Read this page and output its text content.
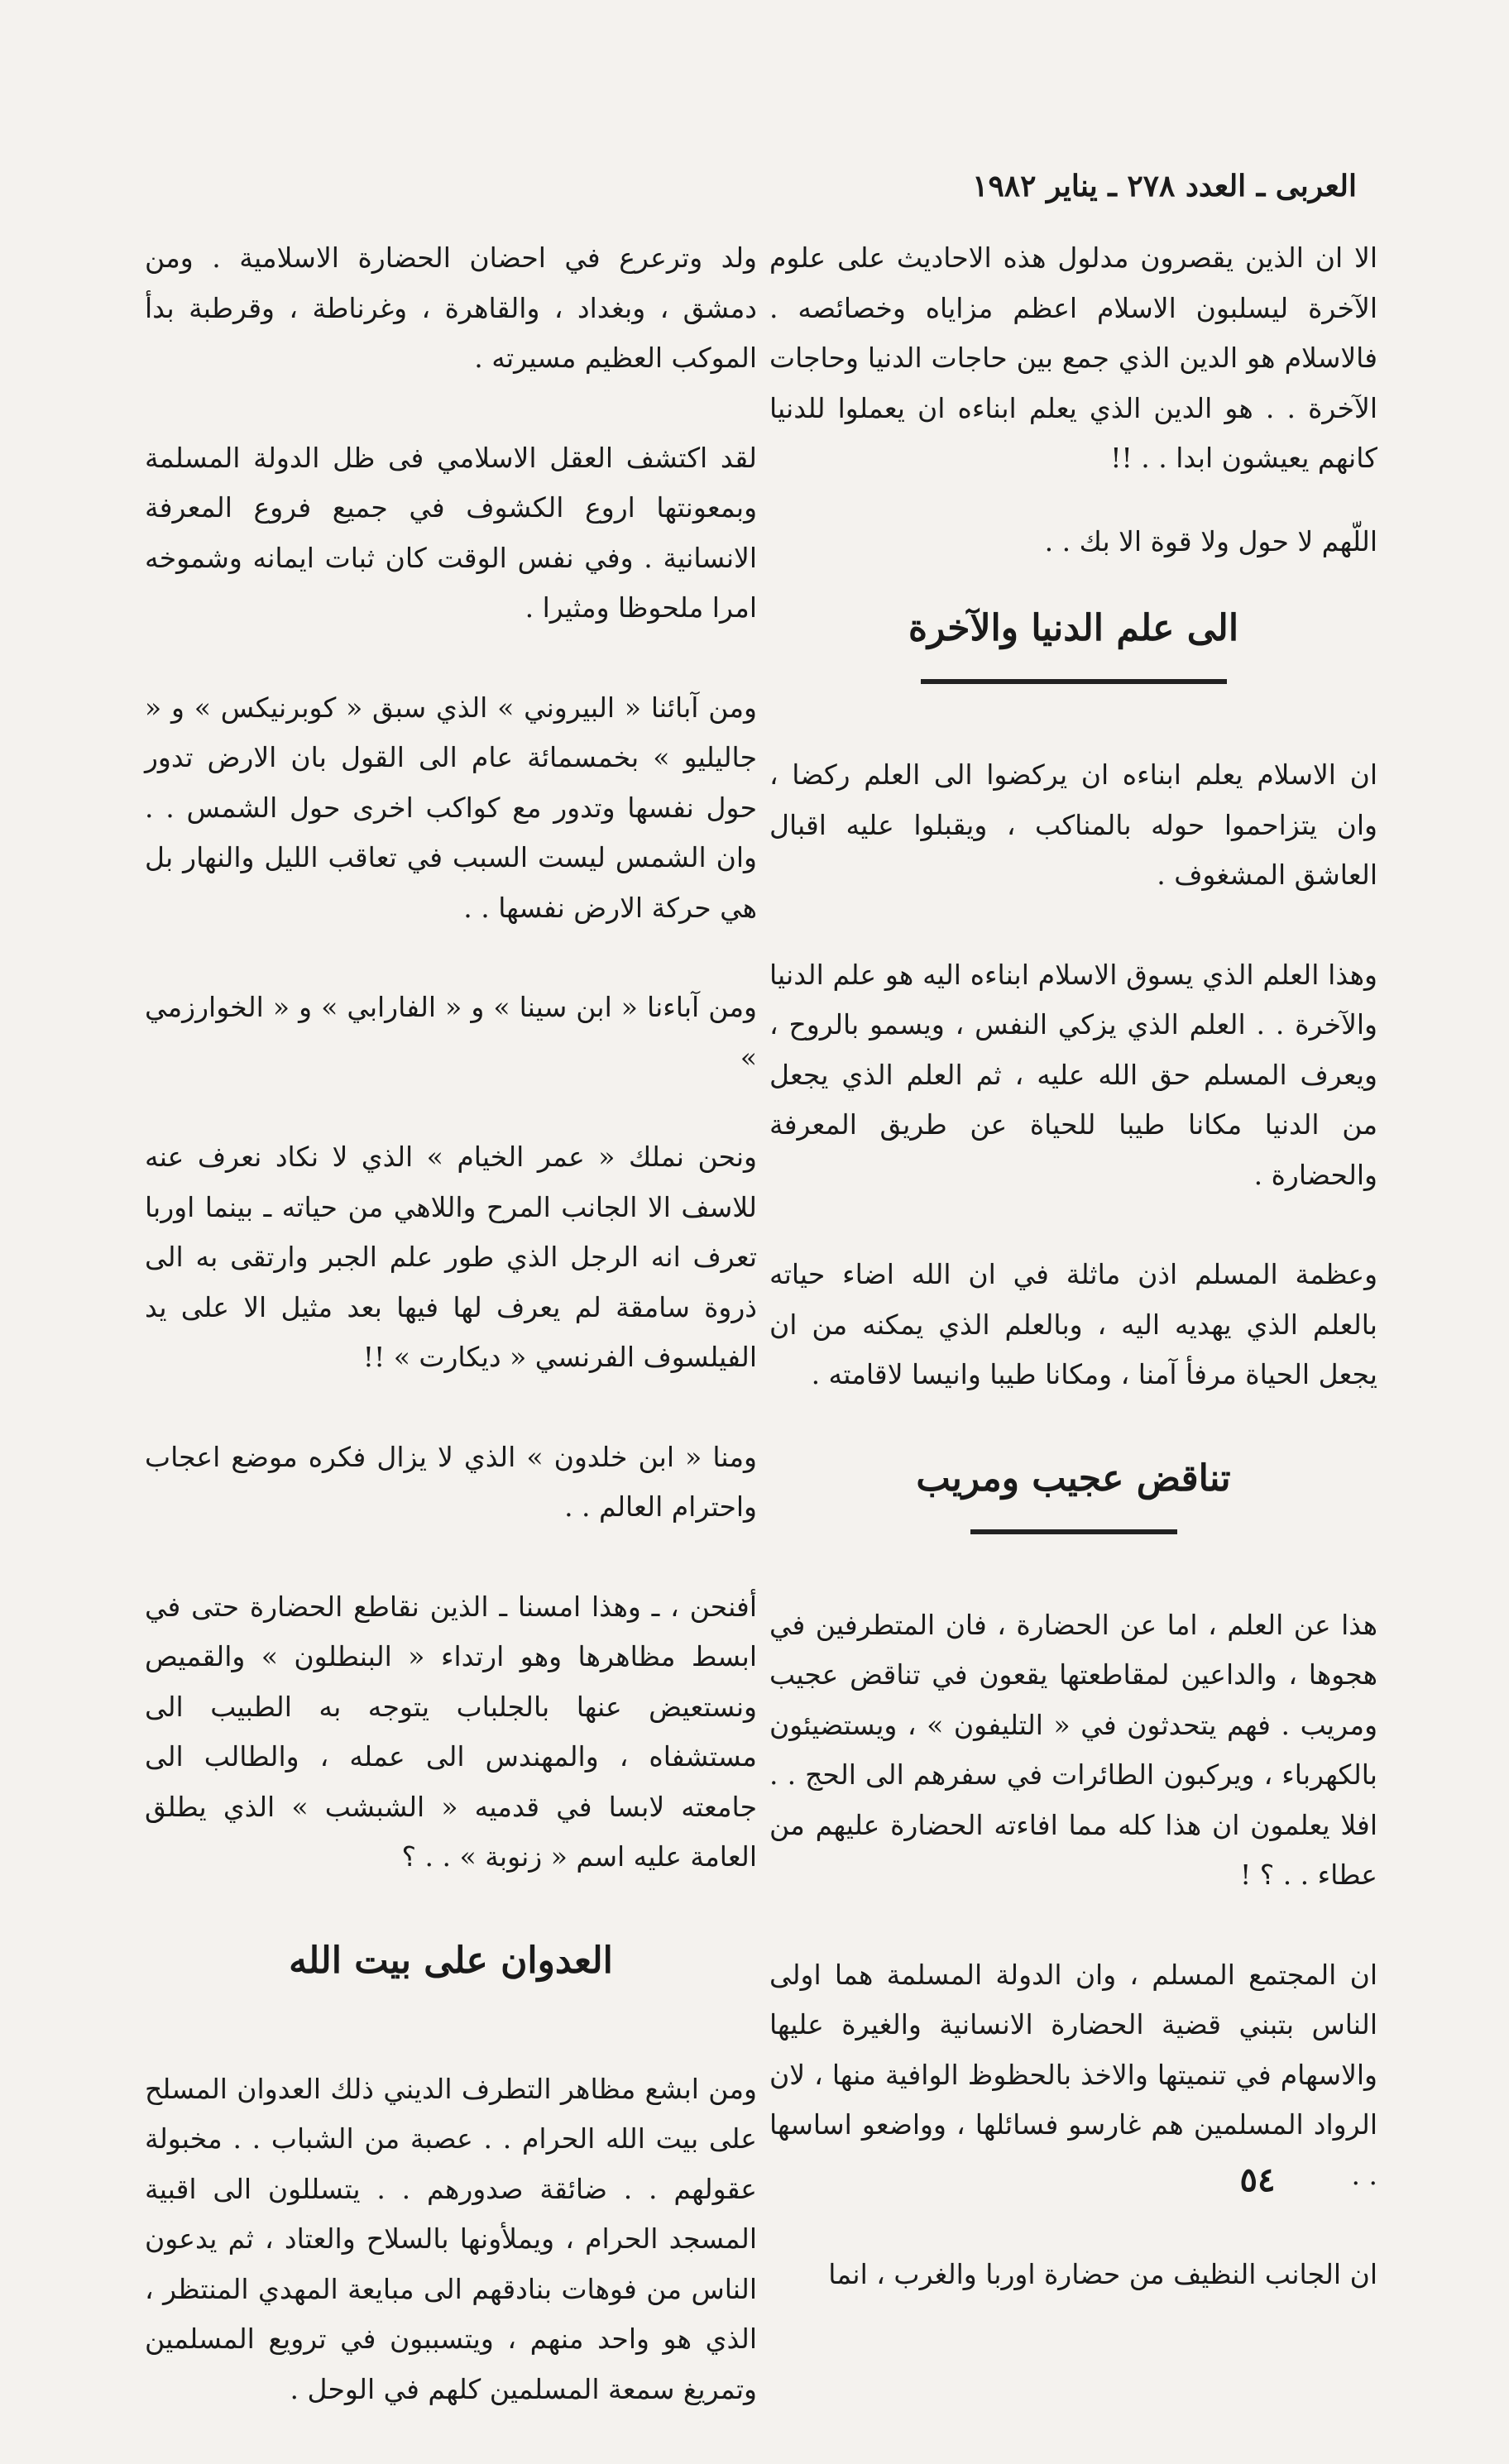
العربى ـ العدد ٢٧٨ ـ يناير ١٩٨٢

الا ان الذين يقصرون مدلول هذه الاحاديث على علوم الآخرة ليسلبون الاسلام اعظم مزاياه وخصائصه . فالاسلام هو الدين الذي جمع بين حاجات الدنيا وحاجات الآخرة . . هو الدين الذي يعلم ابناءه ان يعملوا للدنيا كانهم يعيشون ابدا . . !!

اللّهم لا حول ولا قوة الا بك . .

الى علم الدنيا والآخرة

ان الاسلام يعلم ابناءه ان يركضوا الى العلم ركضا ، وان يتزاحموا حوله بالمناكب ، ويقبلوا عليه اقبال العاشق المشغوف .

وهذا العلم الذي يسوق الاسلام ابناءه اليه هو علم الدنيا والآخرة . . العلم الذي يزكي النفس ، ويسمو بالروح ، ويعرف المسلم حق الله عليه ، ثم العلم الذي يجعل من الدنيا مكانا طيبا للحياة عن طريق المعرفة والحضارة .

وعظمة المسلم اذن ماثلة في ان الله اضاء حياته بالعلم الذي يهديه اليه ، وبالعلم الذي يمكنه من ان يجعل الحياة مرفأ آمنا ، ومكانا طيبا وانيسا لاقامته .

تناقض عجيب ومريب

هذا عن العلم ، اما عن الحضارة ، فان المتطرفين في هجوها ، والداعين لمقاطعتها يقعون في تناقض عجيب ومريب . فهم يتحدثون في « التليفون » ، ويستضيئون بالكهرباء ، ويركبون الطائرات في سفرهم الى الحج . . افلا يعلمون ان هذا كله مما افاءته الحضارة عليهم من عطاء . . ؟ !

ان المجتمع المسلم ، وان الدولة المسلمة هما اولى الناس بتبني قضية الحضارة الانسانية والغيرة عليها والاسهام في تنميتها والاخذ بالحظوظ الوافية منها ، لان الرواد المسلمين هم غارسو فسائلها ، وواضعو اساسها . .

ان الجانب النظيف من حضارة اوربا والغرب ، انما

ولد وترعرع في احضان الحضارة الاسلامية . ومن دمشق ، وبغداد ، والقاهرة ، وغرناطة ، وقرطبة بدأ الموكب العظيم مسيرته .

لقد اكتشف العقل الاسلامي فى ظل الدولة المسلمة وبمعونتها اروع الكشوف في جميع فروع المعرفة الانسانية . وفي نفس الوقت كان ثبات ايمانه وشموخه امرا ملحوظا ومثيرا .

ومن آبائنا « البيروني » الذي سبق « كوبرنيكس » و « جاليليو » بخمسمائة عام الى القول بان الارض تدور حول نفسها وتدور مع كواكب اخرى حول الشمس . . وان الشمس ليست السبب في تعاقب الليل والنهار بل هي حركة الارض نفسها . .

ومن آباءنا « ابن سينا » و « الفارابي » و « الخوارزمي »

ونحن نملك « عمر الخيام » الذي لا نكاد نعرف عنه للاسف الا الجانب المرح واللاهي من حياته ـ بينما اوربا تعرف انه الرجل الذي طور علم الجبر وارتقى به الى ذروة سامقة لم يعرف لها فيها بعد مثيل الا على يد الفيلسوف الفرنسي « ديكارت » !!

ومنا « ابن خلدون » الذي لا يزال فكره موضع اعجاب واحترام العالم . .

أفنحن ، ـ وهذا امسنا ـ الذين نقاطع الحضارة حتى في ابسط مظاهرها وهو ارتداء « البنطلون » والقميص ونستعيض عنها بالجلباب يتوجه به الطبيب الى مستشفاه ، والمهندس الى عمله ، والطالب الى جامعته لابسا في قدميه « الشبشب » الذي يطلق العامة عليه اسم « زنوبة » . . ؟

العدوان على بيت الله

ومن ابشع مظاهر التطرف الديني ذلك العدوان المسلح على بيت الله الحرام . . عصبة من الشباب . . مخبولة عقولهم . . ضائقة صدورهم . . يتسللون الى اقبية المسجد الحرام ، ويملأونها بالسلاح والعتاد ، ثم يدعون الناس من فوهات بنادقهم الى مبايعة المهدي المنتظر ، الذي هو واحد منهم ، ويتسببون في ترويع المسلمين وتمريغ سمعة المسلمين كلهم في الوحل .

٥٤
